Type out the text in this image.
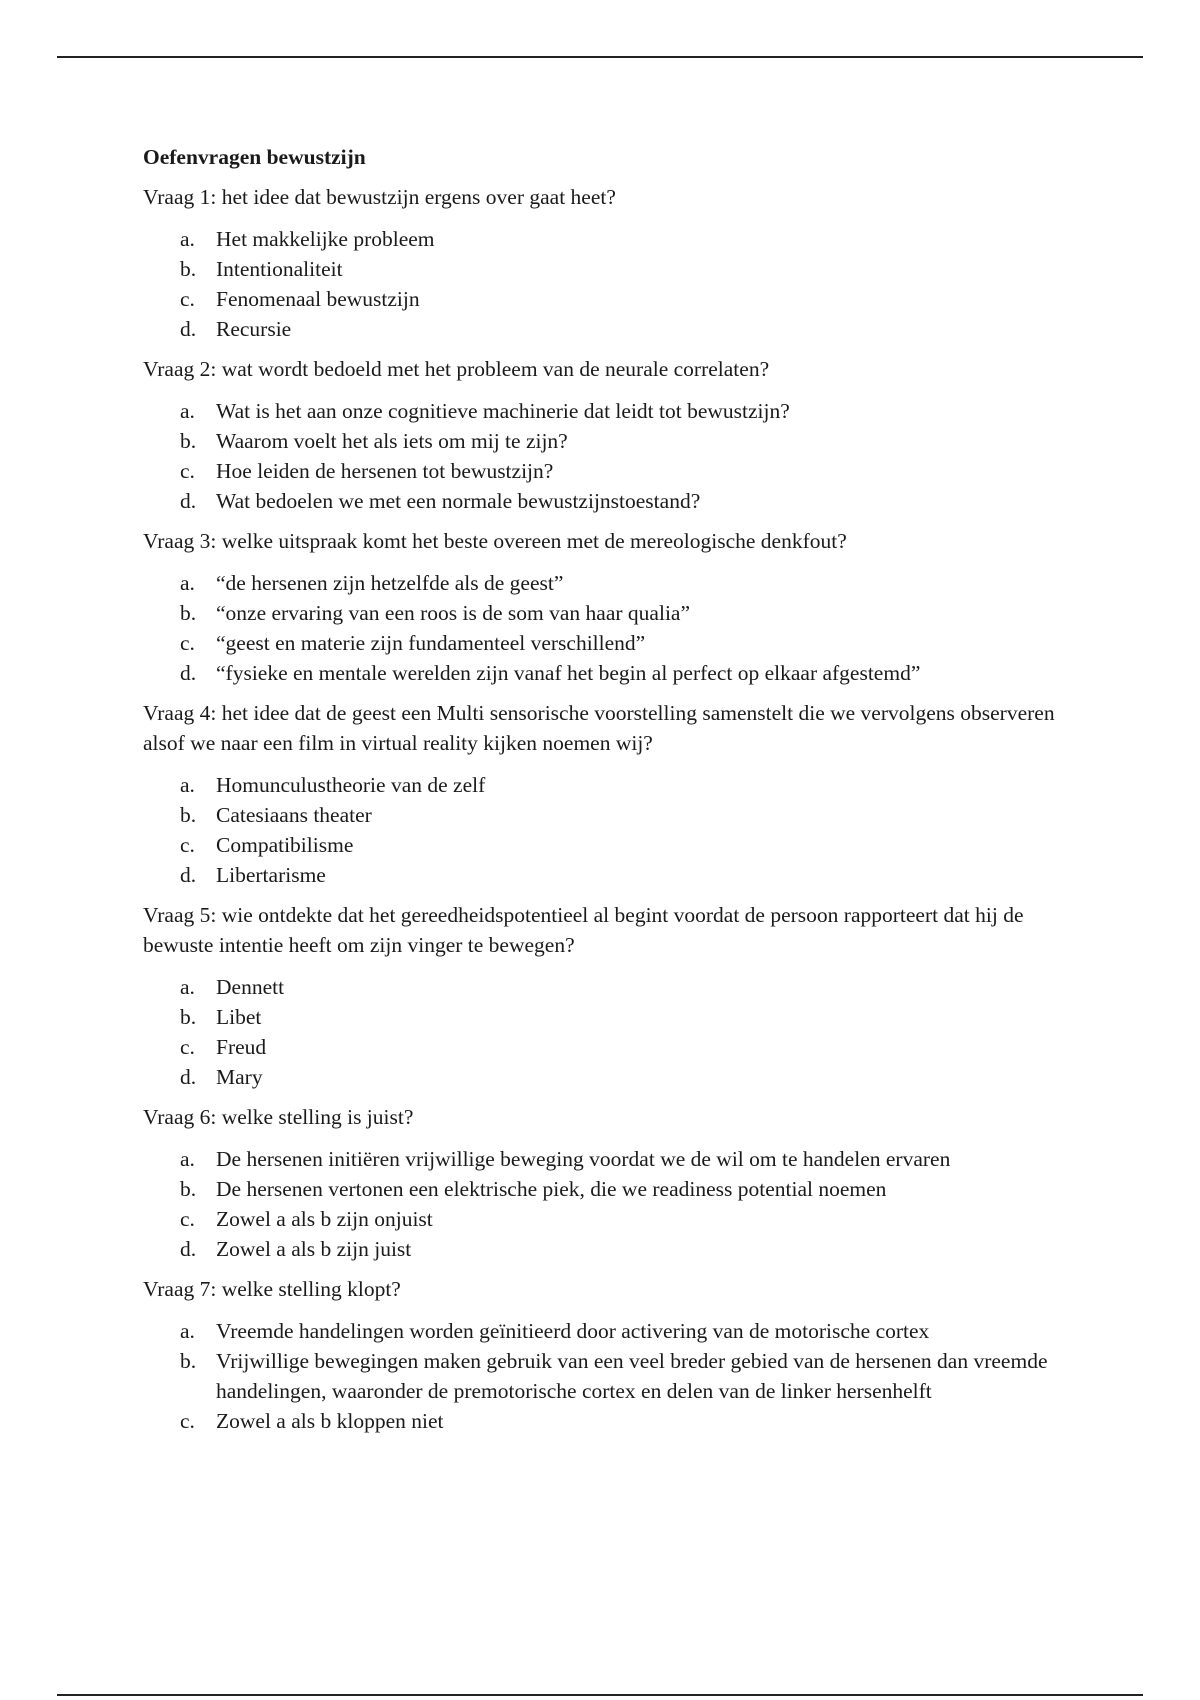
Oefenvragen bewustzijn
Vraag 1: het idee dat bewustzijn ergens over gaat heet?
a. Het makkelijke probleem
b. Intentionaliteit
c. Fenomenaal bewustzijn
d. Recursie
Vraag 2: wat wordt bedoeld met het probleem van de neurale correlaten?
a. Wat is het aan onze cognitieve machinerie dat leidt tot bewustzijn?
b. Waarom voelt het als iets om mij te zijn?
c. Hoe leiden de hersenen tot bewustzijn?
d. Wat bedoelen we met een normale bewustzijnstoestand?
Vraag 3: welke uitspraak komt het beste overeen met de mereologische denkfout?
a. “de hersenen zijn hetzelfde als de geest”
b. “onze ervaring van een roos is de som van haar qualia”
c. “geest en materie zijn fundamenteel verschillend”
d. “fysieke en mentale werelden zijn vanaf het begin al perfect op elkaar afgestemd”
Vraag 4: het idee dat de geest een Multi sensorische voorstelling samenstelt die we vervolgens observeren alsof we naar een film in virtual reality kijken noemen wij?
a. Homunculustheorie van de zelf
b. Catesiaans theater
c. Compatibilisme
d. Libertarisme
Vraag 5: wie ontdekte dat het gereedheidspotentieel al begint voordat de persoon rapporteert dat hij de bewuste intentie heeft om zijn vinger te bewegen?
a. Dennett
b. Libet
c. Freud
d. Mary
Vraag 6: welke stelling is juist?
a. De hersenen initiëren vrijwillige beweging voordat we de wil om te handelen ervaren
b. De hersenen vertonen een elektrische piek, die we readiness potential noemen
c. Zowel a als b zijn onjuist
d. Zowel a als b zijn juist
Vraag 7: welke stelling klopt?
a. Vreemde handelingen worden geïnitieerd door activering van de motorische cortex
b. Vrijwillige bewegingen maken gebruik van een veel breder gebied van de hersenen dan vreemde handelingen, waaronder de premotorische cortex en delen van de linker hersenhelft
c. Zowel a als b kloppen niet
